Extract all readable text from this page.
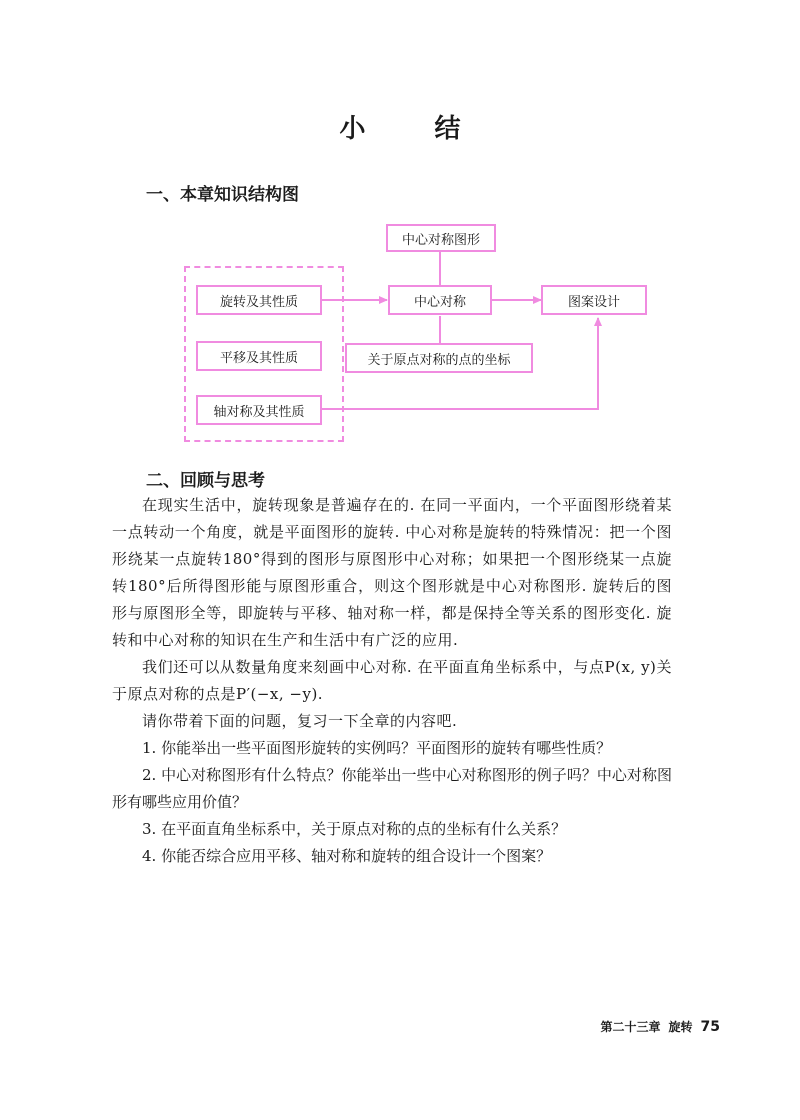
小 结
一、本章知识结构图
中心对称图形
旋转及其性质	中心对称	图案设计
平移及其性质	关于原点对称的点的坐标
轴对称及其性质
二、回顾与思考
在现实生活中，旋转现象是普遍存在的. 在同一平面内，一个平面图形绕着某一点转动一个角度，就是平面图形的旋转. 中心对称是旋转的特殊情况：把一个图形绕某一点旋转180°得到的图形与原图形中心对称；如果把一个图形绕某一点旋转180°后所得图形能与原图形重合，则这个图形就是中心对称图形. 旋转后的图形与原图形全等，即旋转与平移、轴对称一样，都是保持全等关系的图形变化. 旋转和中心对称的知识在生产和生活中有广泛的应用.
我们还可以从数量角度来刻画中心对称. 在平面直角坐标系中，与点P(x, y)关于原点对称的点是P′(−x, −y).
请你带着下面的问题，复习一下全章的内容吧.
1. 你能举出一些平面图形旋转的实例吗？平面图形的旋转有哪些性质？
2. 中心对称图形有什么特点？你能举出一些中心对称图形的例子吗？中心对称图形有哪些应用价值？
3. 在平面直角坐标系中，关于原点对称的点的坐标有什么关系？
4. 你能否综合应用平移、轴对称和旋转的组合设计一个图案？
第二十三章 旋转 75
